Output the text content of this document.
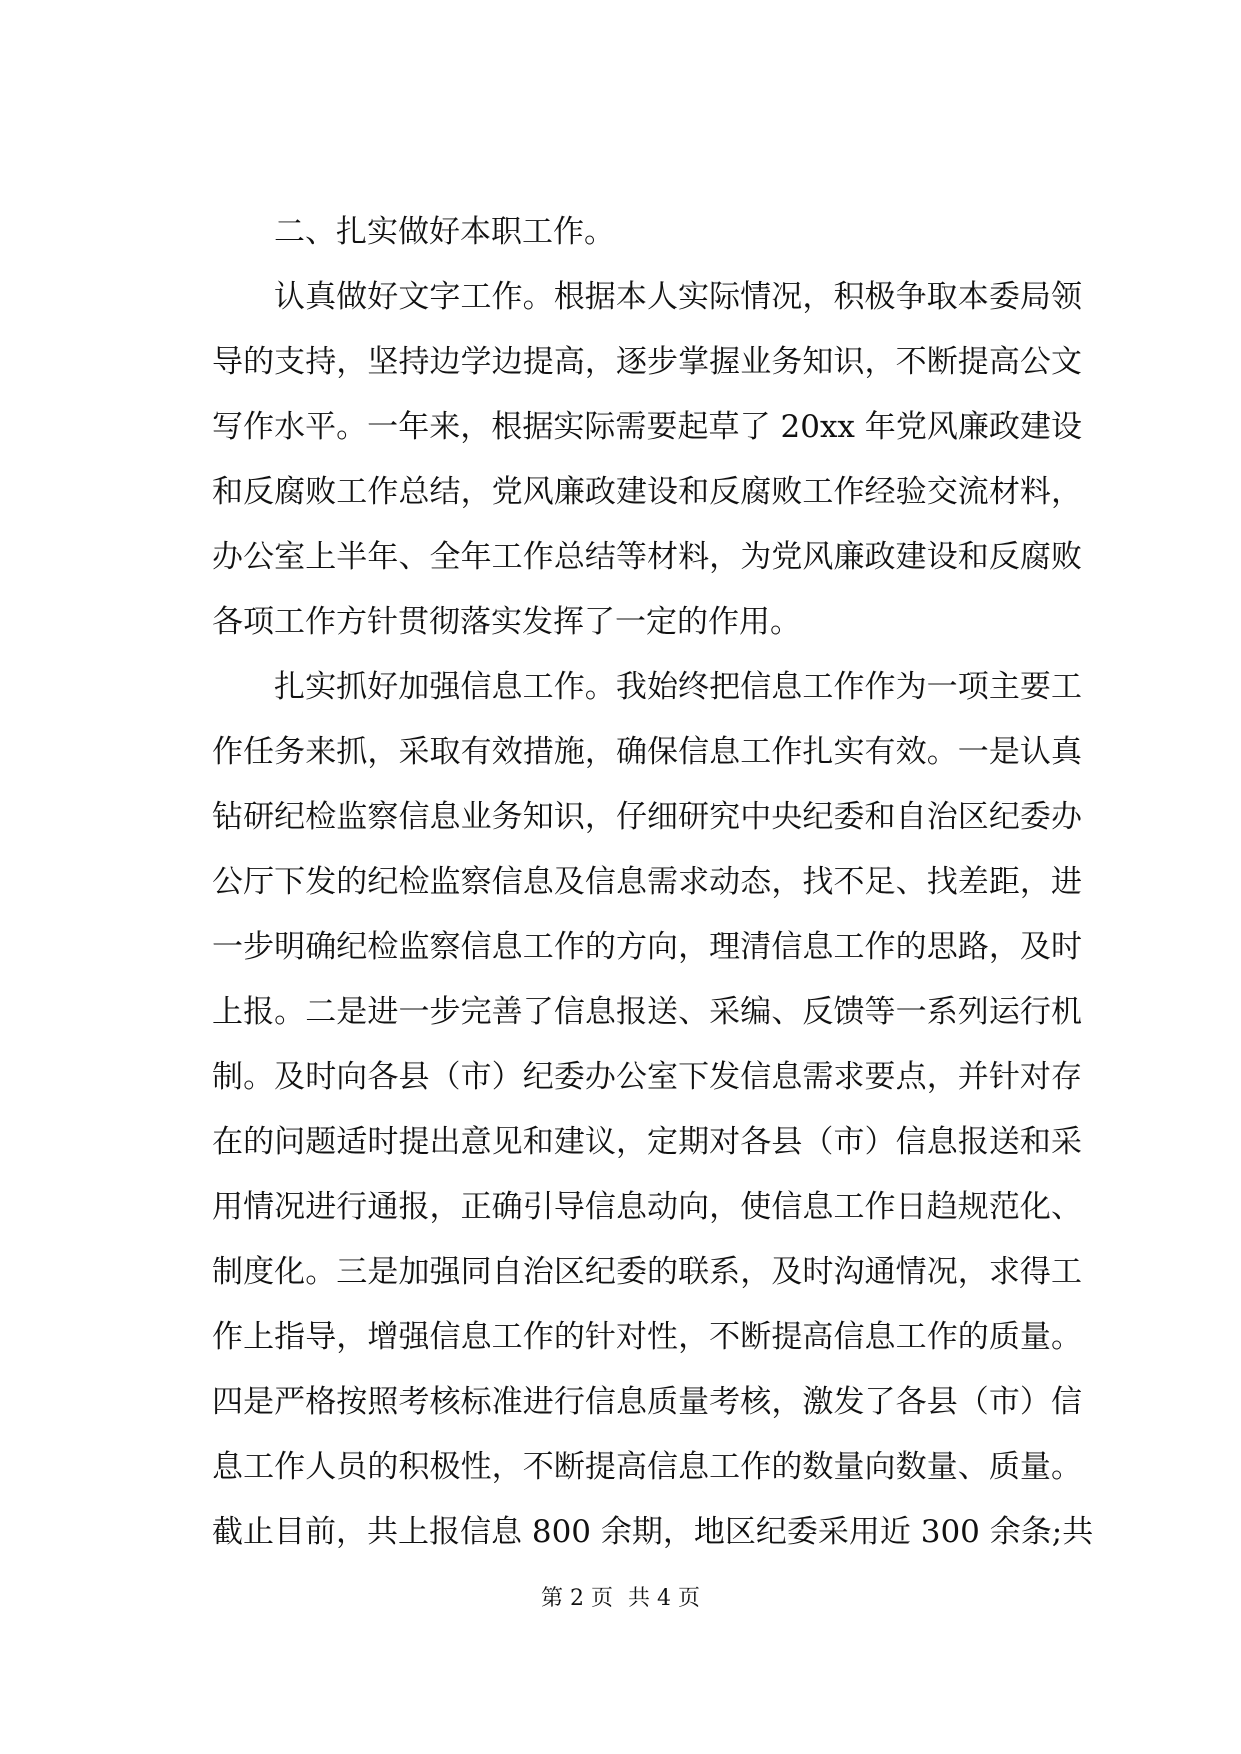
二、扎实做好本职工作。
认真做好文字工作。根据本人实际情况，积极争取本委局领
导的支持，坚持边学边提高，逐步掌握业务知识，不断提高公文
写作水平。一年来，根据实际需要起草了 20xx 年党风廉政建设
和反腐败工作总结，党风廉政建设和反腐败工作经验交流材料，
办公室上半年、全年工作总结等材料，为党风廉政建设和反腐败
各项工作方针贯彻落实发挥了一定的作用。
扎实抓好加强信息工作。我始终把信息工作作为一项主要工
作任务来抓，采取有效措施，确保信息工作扎实有效。一是认真
钻研纪检监察信息业务知识，仔细研究中央纪委和自治区纪委办
公厅下发的纪检监察信息及信息需求动态，找不足、找差距，进
一步明确纪检监察信息工作的方向，理清信息工作的思路，及时
上报。二是进一步完善了信息报送、采编、反馈等一系列运行机
制。及时向各县（市）纪委办公室下发信息需求要点，并针对存
在的问题适时提出意见和建议，定期对各县（市）信息报送和采
用情况进行通报，正确引导信息动向，使信息工作日趋规范化、
制度化。三是加强同自治区纪委的联系，及时沟通情况，求得工
作上指导，增强信息工作的针对性，不断提高信息工作的质量。
四是严格按照考核标准进行信息质量考核，激发了各县（市）信
息工作人员的积极性，不断提高信息工作的数量向数量、质量。
截止目前，共上报信息 800 余期，地区纪委采用近 300 余条;共
第 2 页 共 4 页
